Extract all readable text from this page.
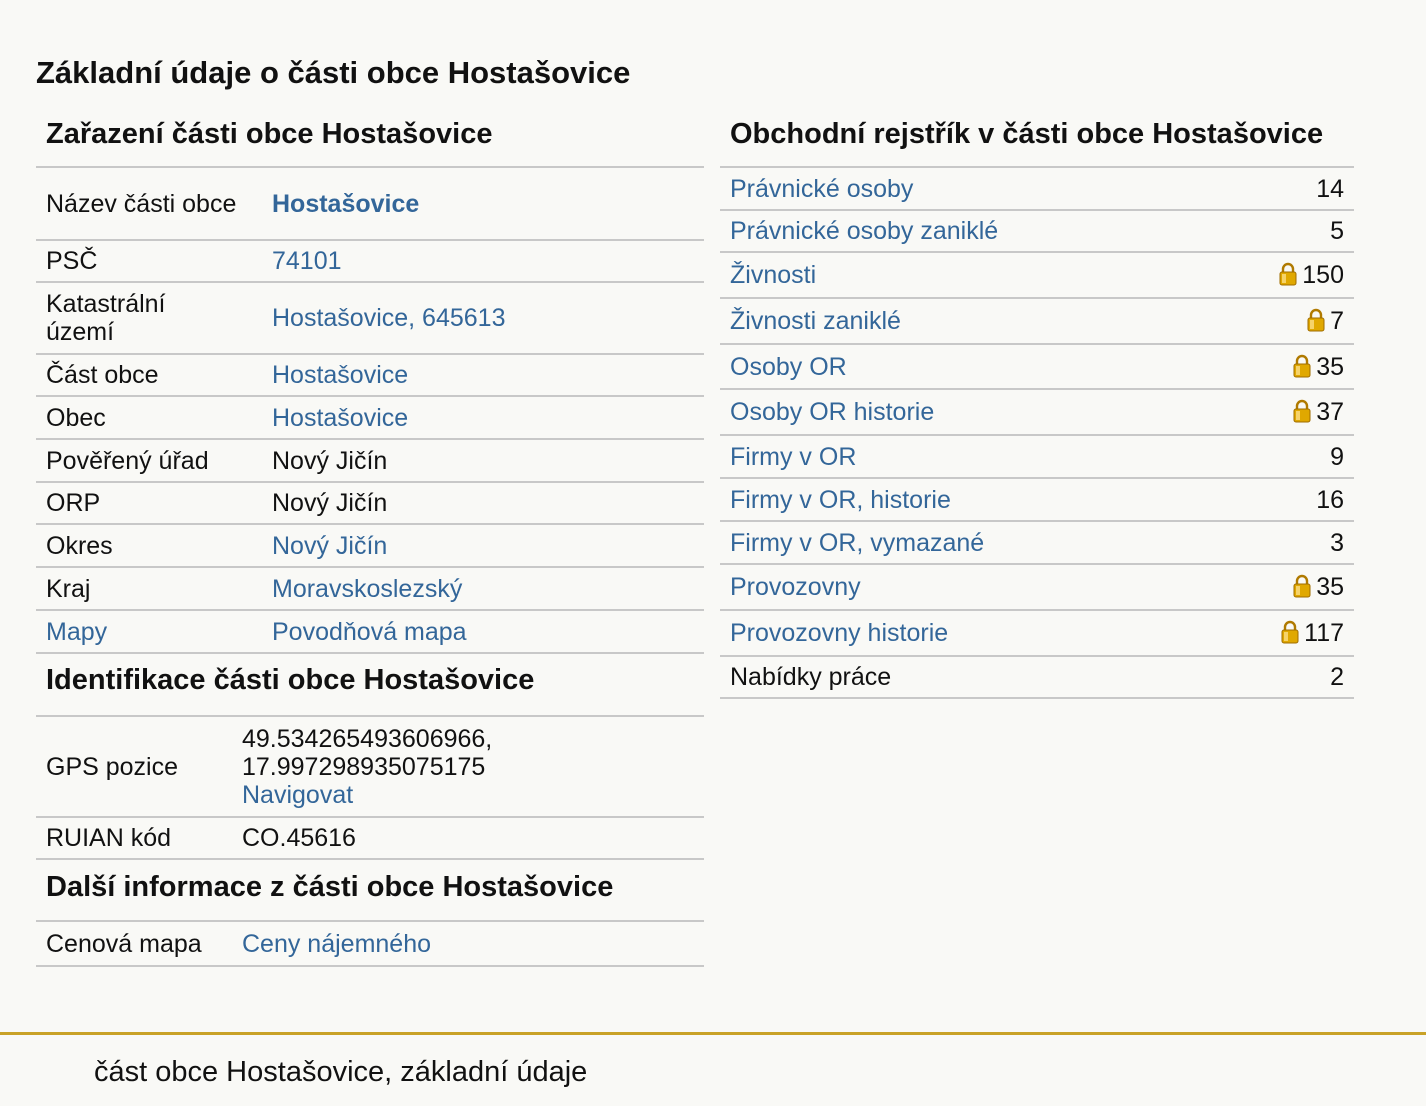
Základní údaje o části obce Hostašovice
Zařazení části obce Hostašovice
Název části obce	Hostašovice
PSČ	74101
Katastrální území	Hostašovice, 645613
Část obce	Hostašovice
Obec	Hostašovice
Pověřený úřad	Nový Jičín
ORP	Nový Jičín
Okres	Nový Jičín
Kraj	Moravskoslezský
Mapy	Povodňová mapa
Identifikace části obce Hostašovice
GPS pozice	49.534265493606966,
17.997298935075175
Navigovat
RUIAN kód	CO.45616
Další informace z části obce Hostašovice
Cenová mapa	Ceny nájemného
Obchodní rejstřík v části obce Hostašovice
Právnické osoby	14
Právnické osoby zaniklé	5
Živnosti	150
Živnosti zaniklé	7
Osoby OR	35
Osoby OR historie	37
Firmy v OR	9
Firmy v OR, historie	16
Firmy v OR, vymazané	3
Provozovny	35
Provozovny historie	117
Nabídky práce	2
část obce Hostašovice, základní údaje
